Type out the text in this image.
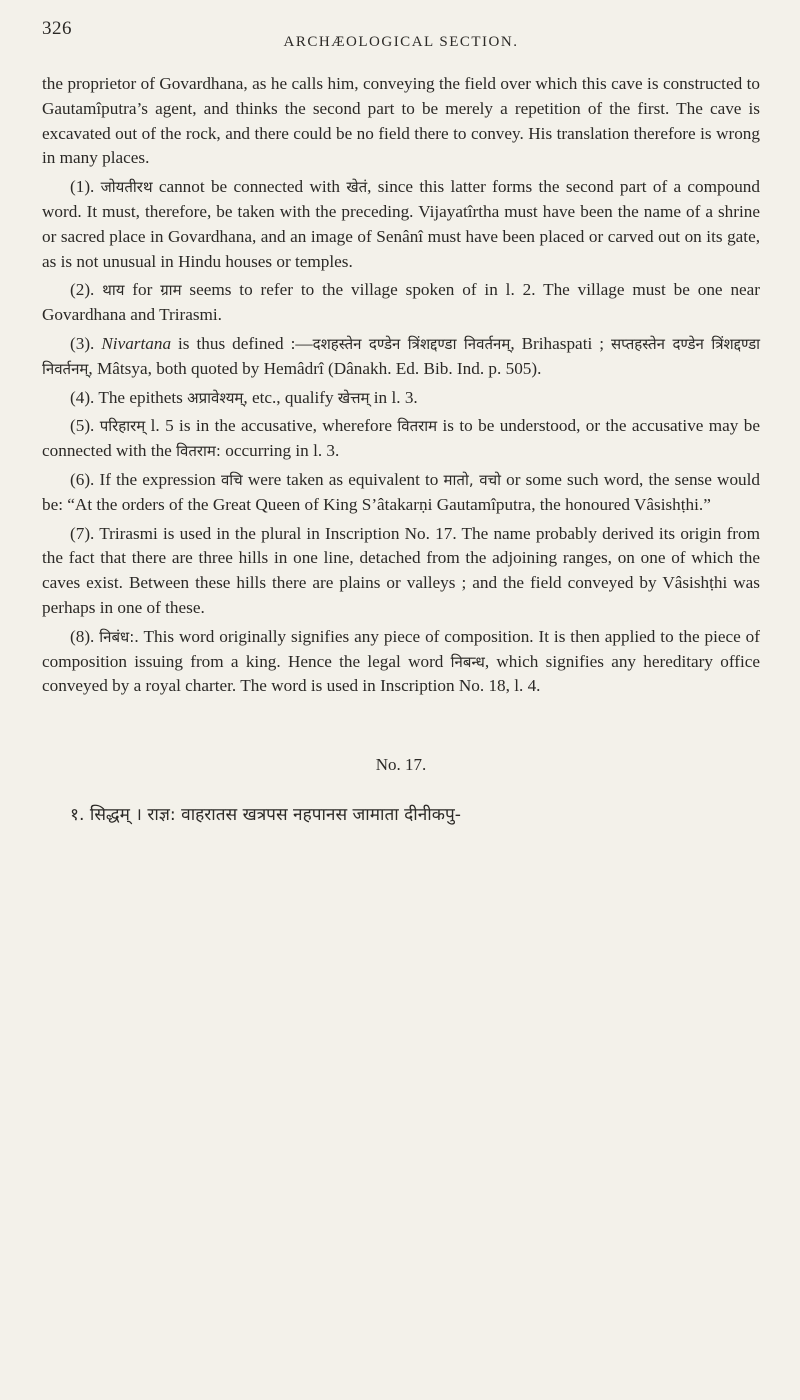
326
ARCHÆOLOGICAL SECTION.

the proprietor of Govardhana, as he calls him, conveying the field over which this cave is constructed to Gautamîputra’s agent, and thinks the second part to be merely a repetition of the first. The cave is excavated out of the rock, and there could be no field there to convey. His translation therefore is wrong in many places.

(1). जोयतीरथ cannot be connected with खेतं, since this latter forms the second part of a compound word. It must, therefore, be taken with the preceding. Vijayatîrtha must have been the name of a shrine or sacred place in Govardhana, and an image of Senânî must have been placed or carved out on its gate, as is not unusual in Hindu houses or temples.

(2). थाय for ग्राम seems to refer to the village spoken of in l. 2. The village must be one near Govardhana and Trirasmi.

(3). Nivartana is thus defined :—दशहस्तेन दण्डेन त्रिंशद्दण्डा निवर्तनम्, Brihaspati ; सप्तहस्तेन दण्डेन त्रिंशद्दण्डा निवर्तनम्, Mâtsya, both quoted by Hemâdrî (Dânakh. Ed. Bib. Ind. p. 505).

(4). The epithets अप्रावेश्यम्, etc., qualify खेत्तम् in l. 3.

(5). परिहारम् l. 5 is in the accusative, wherefore वितराम is to be understood, or the accusative may be connected with the वितराम: occurring in l. 3.

(6). If the expression वचि were taken as equivalent to मातो, वचो or some such word, the sense would be: “At the orders of the Great Queen of King S’âtakarṇi Gautamîputra, the honoured Vâsishṭhi.”

(7). Trirasmi is used in the plural in Inscription No. 17. The name probably derived its origin from the fact that there are three hills in one line, detached from the adjoining ranges, on one of which the caves exist. Between these hills there are plains or valleys ; and the field conveyed by Vâsishṭhi was perhaps in one of these.

(8). निबंध:. This word originally signifies any piece of composition. It is then applied to the piece of composition issuing from a king. Hence the legal word निबन्ध, which signifies any hereditary office conveyed by a royal charter. The word is used in Inscription No. 18, l. 4.

No. 17.
१. सिद्धम् । राज्ञ: वाहरातस खत्रपस नहपानस जामाता दीनीकपु-
